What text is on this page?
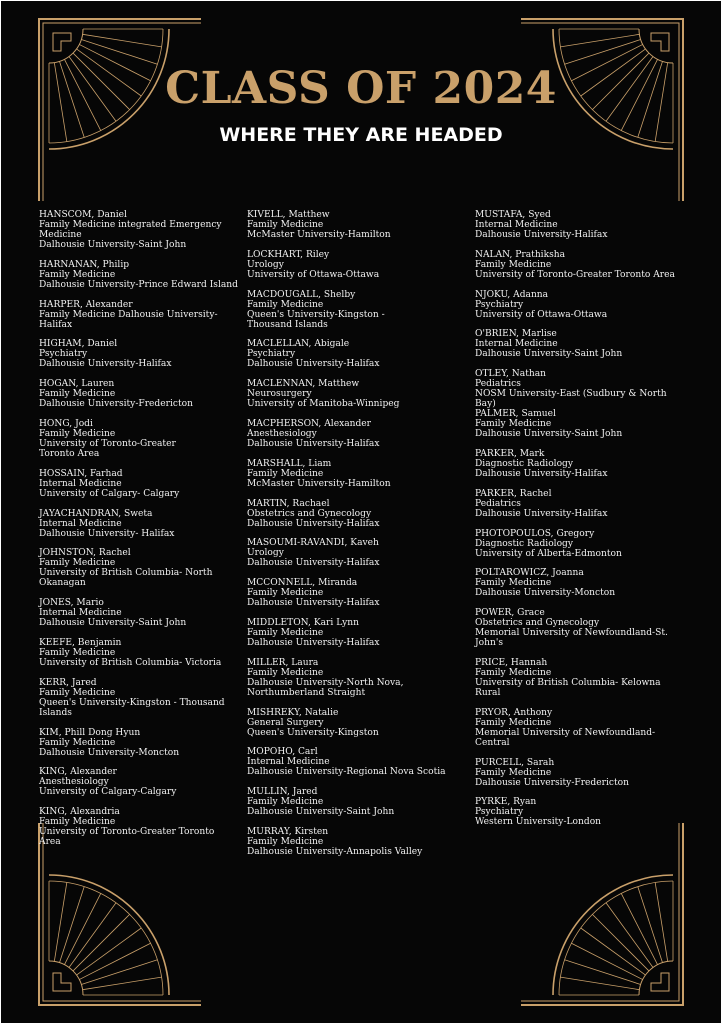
CLASS OF 2024
WHERE THEY ARE HEADED
HANSCOM, Daniel
Family Medicine integrated Emergency
Medicine
Dalhousie University-Saint John
HARNANAN, Philip
Family Medicine
Dalhousie University-Prince Edward Island
HARPER, Alexander
Family Medicine Dalhousie University-
Halifax
HIGHAM, Daniel
Psychiatry
Dalhousie University-Halifax
HOGAN, Lauren
Family Medicine
Dalhousie University-Fredericton
HONG, Jodi
Family Medicine
University of Toronto-Greater
Toronto Area
HOSSAIN, Farhad
Internal Medicine
University of Calgary- Calgary
JAYACHANDRAN, Sweta
Internal Medicine
Dalhousie University- Halifax
JOHNSTON, Rachel
Family Medicine
University of British Columbia- North
Okanagan
JONES, Mario
Internal Medicine
Dalhousie University-Saint John
KEEFE, Benjamin
Family Medicine
University of British Columbia- Victoria
KERR, Jared
Family Medicine
Queen's University-Kingston - Thousand
Islands
KIM, Phill Dong Hyun
Family Medicine
Dalhousie University-Moncton
KING, Alexander
Anesthesiology
University of Calgary-Calgary
KING, Alexandria
Family Medicine
University of Toronto-Greater Toronto
Area
KIVELL, Matthew
Family Medicine
McMaster University-Hamilton
LOCKHART, Riley
Urology
University of Ottawa-Ottawa
MACDOUGALL, Shelby
Family Medicine
Queen's University-Kingston -
Thousand Islands
MACLELLAN, Abigale
Psychiatry
Dalhousie University-Halifax
MACLENNAN, Matthew
Neurosurgery
University of Manitoba-Winnipeg
MACPHERSON, Alexander
Anesthesiology
Dalhousie University-Halifax
MARSHALL, Liam
Family Medicine
McMaster University-Hamilton
MARTIN, Rachael
Obstetrics and Gynecology
Dalhousie University-Halifax
MASOUMI-RAVANDI, Kaveh
Urology
Dalhousie University-Halifax
MCCONNELL, Miranda
Family Medicine
Dalhousie University-Halifax
MIDDLETON, Kari Lynn
Family Medicine
Dalhousie University-Halifax
MILLER, Laura
Family Medicine
Dalhousie University-North Nova,
Northumberland Straight
MISHREKY, Natalie
General Surgery
Queen's University-Kingston
MOPOHO, Carl
Internal Medicine
Dalhousie University-Regional Nova Scotia
MULLIN, Jared
Family Medicine
Dalhousie University-Saint John
MURRAY, Kirsten
Family Medicine
Dalhousie University-Annapolis Valley
MUSTAFA, Syed
Internal Medicine
Dalhousie University-Halifax
NALAN, Prathiksha
Family Medicine
University of Toronto-Greater Toronto Area
NJOKU, Adanna
Psychiatry
University of Ottawa-Ottawa
O'BRIEN, Marlise
Internal Medicine
Dalhousie University-Saint John
OTLEY, Nathan
Pediatrics
NOSM University-East (Sudbury & North Bay)
PALMER, Samuel
Family Medicine
Dalhousie University-Saint John
PARKER, Mark
Diagnostic Radiology
Dalhousie University-Halifax
PARKER, Rachel
Pediatrics
Dalhousie University-Halifax
PHOTOPOULOS, Gregory
Diagnostic Radiology
University of Alberta-Edmonton
POLTAROWICZ, Joanna
Family Medicine
Dalhousie University-Moncton
POWER, Grace
Obstetrics and Gynecology
Memorial University of Newfoundland-St.
John's
PRICE, Hannah
Family Medicine
University of British Columbia- Kelowna
Rural
PRYOR, Anthony
Family Medicine
Memorial University of Newfoundland-
Central
PURCELL, Sarah
Family Medicine
Dalhousie University-Fredericton
PYRKE, Ryan
Psychiatry
Western University-London
